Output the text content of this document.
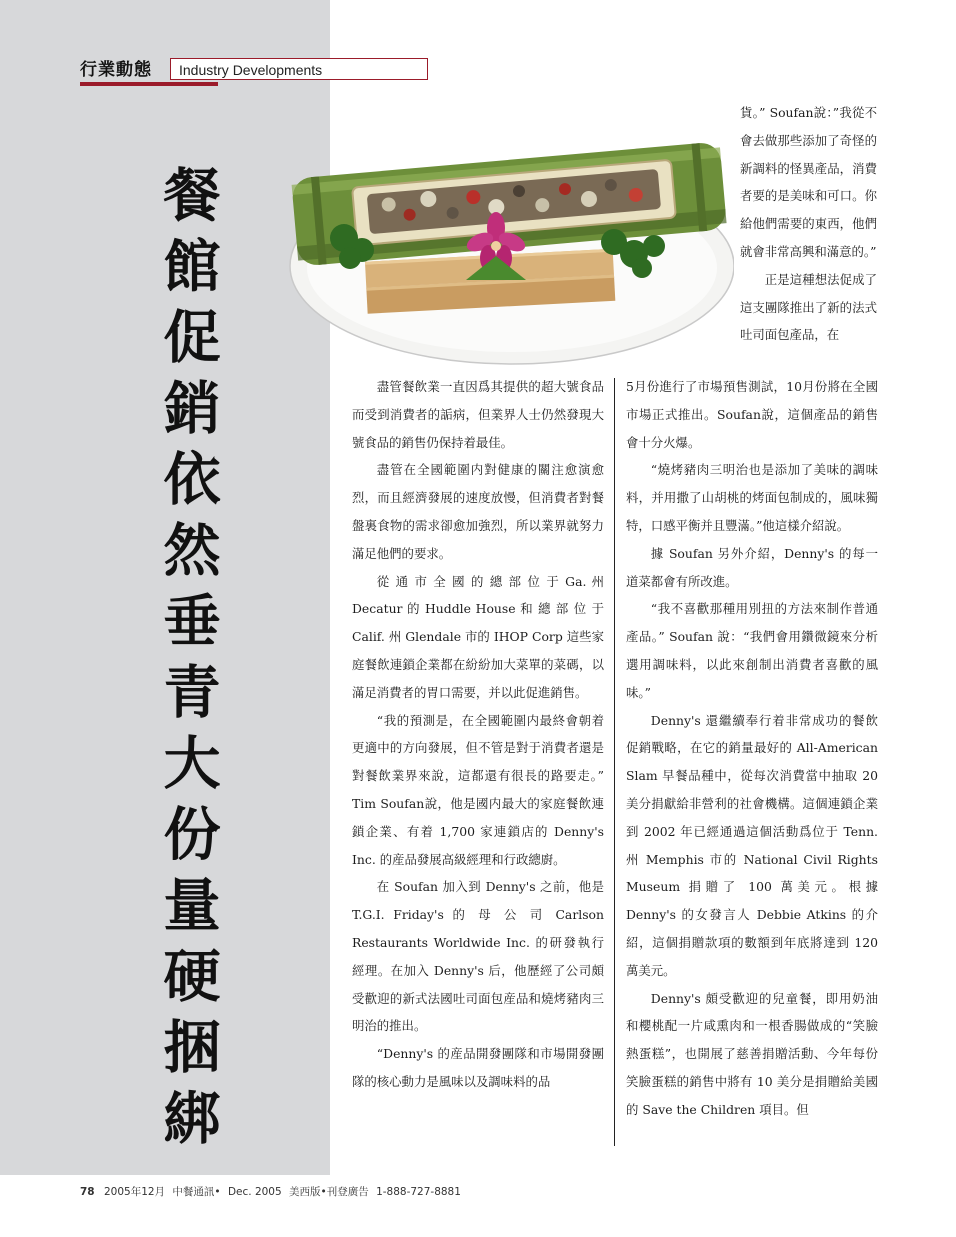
行業動態	Industry Developments
餐
館
促
銷
依
然
垂
青
大
份
量
硬
捆
綁

貨。” Soufan說：”我從不會去做那些添加了奇怪的新調料的怪異產品，消費者要的是美味和可口。你給他們需要的東西，他們就會非常高興和滿意的。”

正是這種想法促成了這支團隊推出了新的法式吐司面包產品，在

盡管餐飲業一直因爲其提供的超大號食品而受到消費者的詬病，但業界人士仍然發現大號食品的銷售仍保持着最佳。

盡管在全國範圍内對健康的關注愈演愈烈，而且經濟發展的速度放慢，但消費者對餐盤裏食物的需求卻愈加強烈，所以業界就努力滿足他們的要求。

從 通 市 全 國 的 總 部 位 于 Ga. 州 Decatur 的 Huddle House 和 總 部 位 于 Calif. 州 Glendale 市的 IHOP Corp 這些家庭餐飲連鎖企業都在紛紛加大菜單的菜碼，以滿足消費者的胃口需要，并以此促進銷售。

“我的預測是，在全國範圍内最終會朝着更適中的方向發展，但不管是對于消費者還是對餐飲業界來說，這都還有很長的路要走。” Tim Soufan說，他是國内最大的家庭餐飲連鎖企業、有着 1,700 家連鎖店的 Denny's Inc. 的産品發展高級經理和行政總廚。

在 Soufan 加入到 Denny's 之前，他是 T.G.I. Friday's 的 母 公 司 Carlson Restaurants Worldwide Inc. 的研發執行經理。在加入 Denny's 后，他歷經了公司頗受歡迎的新式法國吐司面包産品和燒烤豬肉三明治的推出。

“Denny's 的産品開發團隊和市場開發團隊的核心動力是風味以及調味料的品

5月份進行了市場預售測試，10月份將在全國市場正式推出。Soufan說，這個產品的銷售會十分火爆。

“燒烤豬肉三明治也是添加了美味的調味料，并用撒了山胡桃的烤面包制成的，風味獨特，口感平衡并且豐滿。”他這樣介紹說。

據 Soufan 另外介紹，Denny's 的每一道菜都會有所改進。

“我不喜歡那種用別扭的方法來制作普通產品。” Soufan 說：“我們會用鑽微鏡來分析選用調味料，以此來創制出消費者喜歡的風味。”

Denny's 還繼續奉行着非常成功的餐飲促銷戰略，在它的銷量最好的 All-American Slam 早餐品種中，從每次消費當中抽取 20 美分捐獻給非營利的社會機構。這個連鎖企業到 2002 年已經通過這個活動爲位于 Tenn. 州 Memphis 市的 National Civil Rights Museum 捐贈了 100 萬美元。根據 Denny's 的女發言人 Debbie Atkins 的介紹，這個捐贈款項的數額到年底將達到 120 萬美元。

Denny's 頗受歡迎的兒童餐，即用奶油和櫻桃配一片咸熏肉和一根香腸做成的“笑臉熱蛋糕”，也開展了慈善捐贈活動、今年每份笑臉蛋糕的銷售中將有 10 美分是捐贈給美國的 Save the Children 項目。但

78 2005年12月 中餐通訊• Dec. 2005 美西版•刊登廣告 1-888-727-8881
